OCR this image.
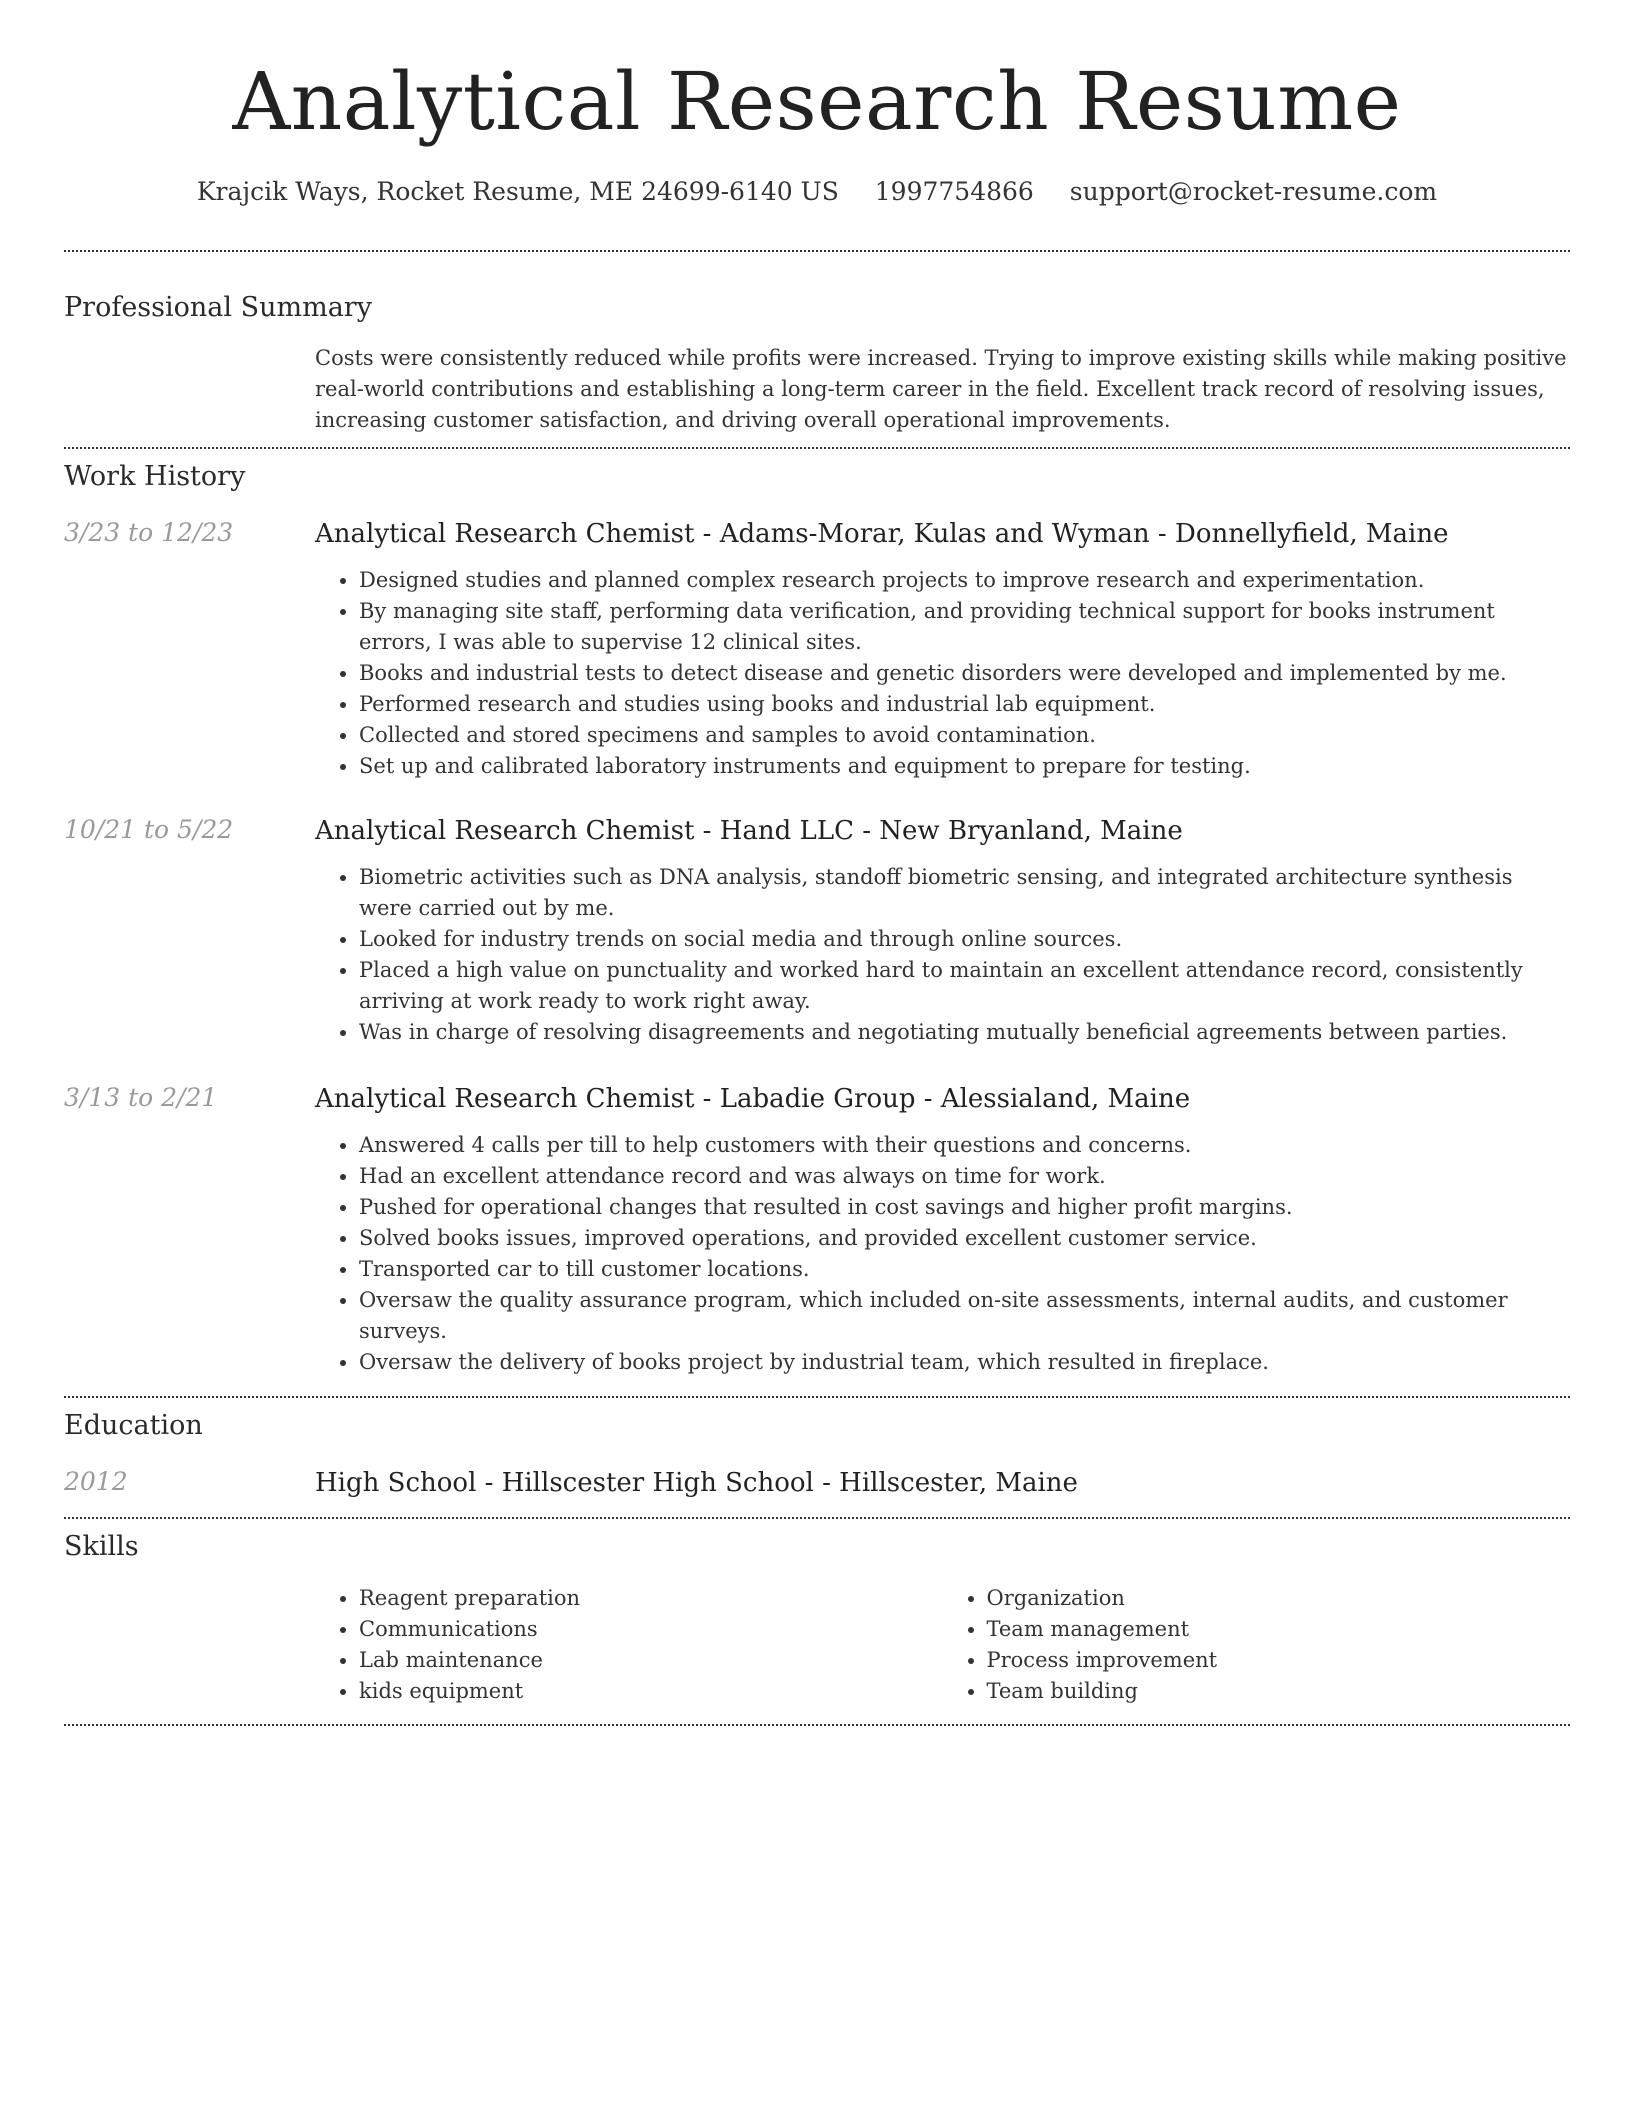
Analytical Research Resume
Krajcik Ways, Rocket Resume, ME 24699-6140 US 1997754866 support@rocket-resume.com
Professional Summary
Costs were consistently reduced while profits were increased. Trying to improve existing skills while making positive real-world contributions and establishing a long-term career in the field. Excellent track record of resolving issues, increasing customer satisfaction, and driving overall operational improvements.
Work History
3/23 to 12/23	Analytical Research Chemist - Adams-Morar, Kulas and Wyman - Donnellyfield, Maine
• Designed studies and planned complex research projects to improve research and experimentation.
• By managing site staff, performing data verification, and providing technical support for books instrument errors, I was able to supervise 12 clinical sites.
• Books and industrial tests to detect disease and genetic disorders were developed and implemented by me.
• Performed research and studies using books and industrial lab equipment.
• Collected and stored specimens and samples to avoid contamination.
• Set up and calibrated laboratory instruments and equipment to prepare for testing.
10/21 to 5/22	Analytical Research Chemist - Hand LLC - New Bryanland, Maine
• Biometric activities such as DNA analysis, standoff biometric sensing, and integrated architecture synthesis were carried out by me.
• Looked for industry trends on social media and through online sources.
• Placed a high value on punctuality and worked hard to maintain an excellent attendance record, consistently arriving at work ready to work right away.
• Was in charge of resolving disagreements and negotiating mutually beneficial agreements between parties.
3/13 to 2/21	Analytical Research Chemist - Labadie Group - Alessialand, Maine
• Answered 4 calls per till to help customers with their questions and concerns.
• Had an excellent attendance record and was always on time for work.
• Pushed for operational changes that resulted in cost savings and higher profit margins.
• Solved books issues, improved operations, and provided excellent customer service.
• Transported car to till customer locations.
• Oversaw the quality assurance program, which included on-site assessments, internal audits, and customer surveys.
• Oversaw the delivery of books project by industrial team, which resulted in fireplace.
Education
2012	High School - Hillscester High School - Hillscester, Maine
Skills
• Reagent preparation
• Communications
• Lab maintenance
• kids equipment
• Organization
• Team management
• Process improvement
• Team building
